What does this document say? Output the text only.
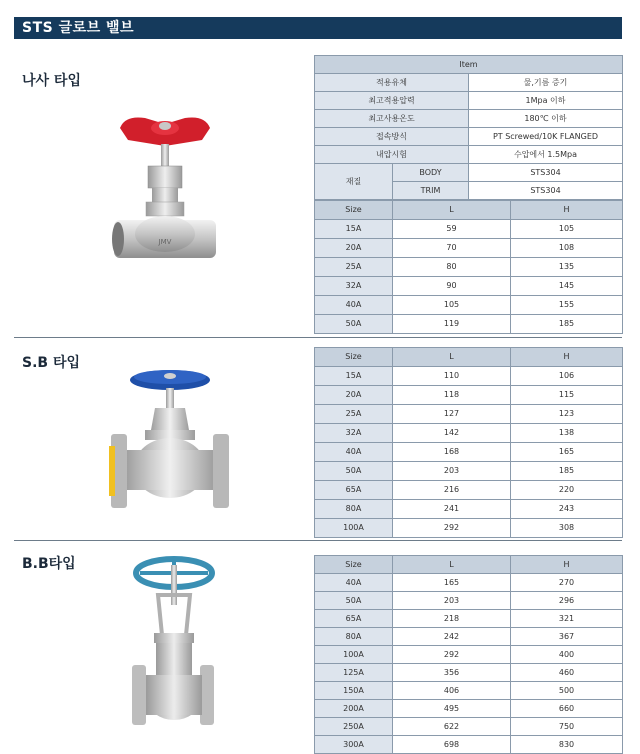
STS 글로브 밸브
나사 타입
S.B 타입
B.B타입
JMV
Item		
적용유체		물,기름 증기
최고적용압력		1Mpa 이하
최고사용온도		180℃ 이하
접속방식		PT Screwed/10K FLANGED
내압시험		수압에서 1.5Mpa
재질	BODY	STS304
	TRIM	STS304
Size	L	H
15A	59	105
20A	70	108
25A	80	135
32A	90	145
40A	105	155
50A	119	185
Size	L	H
15A	110	106
20A	118	115
25A	127	123
32A	142	138
40A	168	165
50A	203	185
65A	216	220
80A	241	243
100A	292	308
Size	L	H
40A	165	270
50A	203	296
65A	218	321
80A	242	367
100A	292	400
125A	356	460
150A	406	500
200A	495	660
250A	622	750
300A	698	830
